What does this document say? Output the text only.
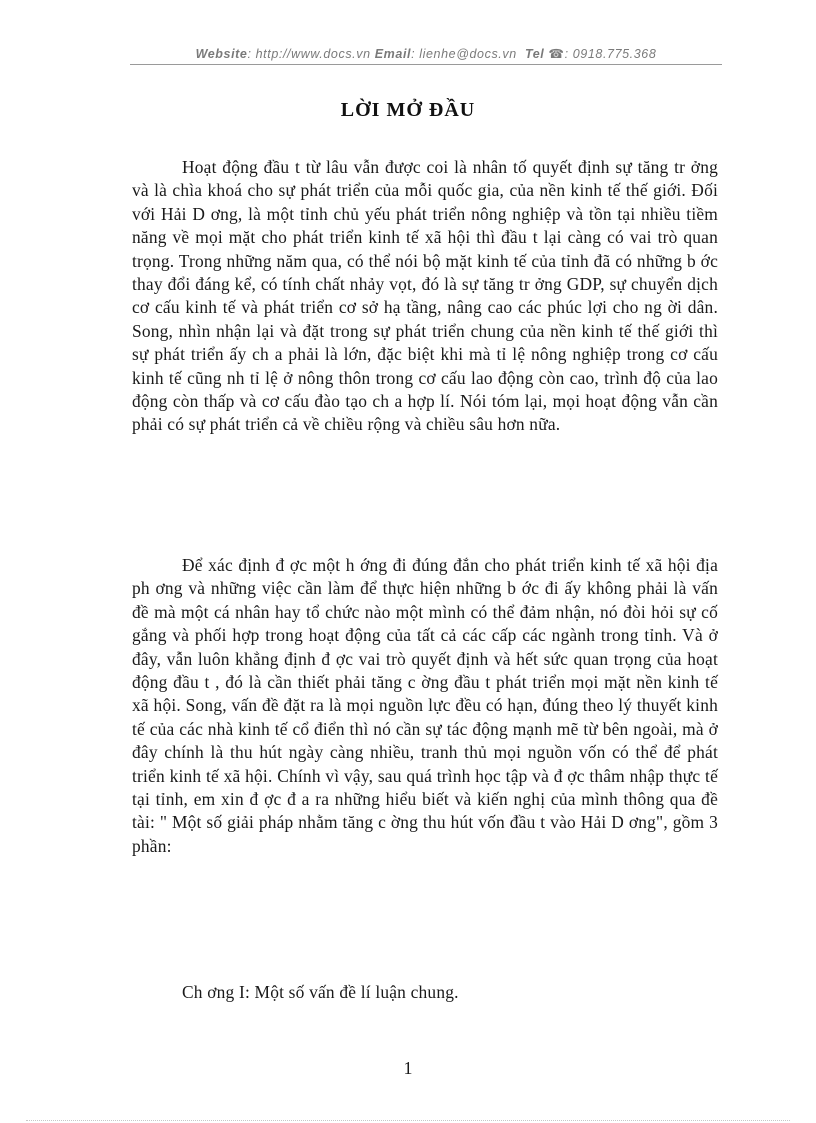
Website: http://www.docs.vn Email: lienhe@docs.vn Tel ☎: 0918.775.368
LỜI MỞ ĐẦU

Hoạt động đầu t từ lâu vẫn được coi là nhân tố quyết định sự tăng tr ởng và là chìa khoá cho sự phát triển của mỗi quốc gia, của nền kinh tế thế giới. Đối với Hải D ơng, là một tỉnh chủ yếu phát triển nông nghiệp và tồn tại nhiều tiềm năng về mọi mặt cho phát triển kinh tế xã hội thì đầu t lại càng có vai trò quan trọng. Trong những năm qua, có thể nói bộ mặt kinh tế của tỉnh đã có những b ớc thay đổi đáng kể, có tính chất nhảy vọt, đó là sự tăng tr ởng GDP, sự chuyển dịch cơ cấu kinh tế và phát triển cơ sở hạ tầng, nâng cao các phúc lợi cho ng ời dân. Song, nhìn nhận lại và đặt trong sự phát triển chung của nền kinh tế thế giới thì sự phát triển ấy ch a phải là lớn, đặc biệt khi mà tỉ lệ nông nghiệp trong cơ cấu kinh tế cũng nh tỉ lệ ở nông thôn trong cơ cấu lao động còn cao, trình độ của lao động còn thấp và cơ cấu đào tạo ch a hợp lí. Nói tóm lại, mọi hoạt động vẫn cần phải có sự phát triển cả về chiều rộng và chiều sâu hơn nữa.

Để xác định đ ợc một h ớng đi đúng đắn cho phát triển kinh tế xã hội địa ph ơng và những việc cần làm để thực hiện những b ớc đi ấy không phải là vấn đề mà một cá nhân hay tổ chức nào một mình có thể đảm nhận, nó đòi hỏi sự cố gắng và phối hợp trong hoạt động của tất cả các cấp các ngành trong tỉnh. Và ở đây, vẫn luôn khẳng định đ ợc vai trò quyết định và hết sức quan trọng của hoạt động đầu t , đó là cần thiết phải tăng c ờng đầu t phát triển mọi mặt nền kinh tế xã hội. Song, vấn đề đặt ra là mọi nguồn lực đều có hạn, đúng theo lý thuyết kinh tế của các nhà kinh tế cổ điển thì nó cần sự tác động mạnh mẽ từ bên ngoài, mà ở đây chính là thu hút ngày càng nhiều, tranh thủ mọi nguồn vốn có thể để phát triển kinh tế xã hội. Chính vì vậy, sau quá trình học tập và đ ợc thâm nhập thực tế tại tỉnh, em xin đ ợc đ a ra những hiểu biết và kiến nghị của mình thông qua đề tài: " Một số giải pháp nhằm tăng c ờng thu hút vốn đầu t vào Hải D ơng", gồm 3 phần:

Ch ơng I: Một số vấn đề lí luận chung.

1
